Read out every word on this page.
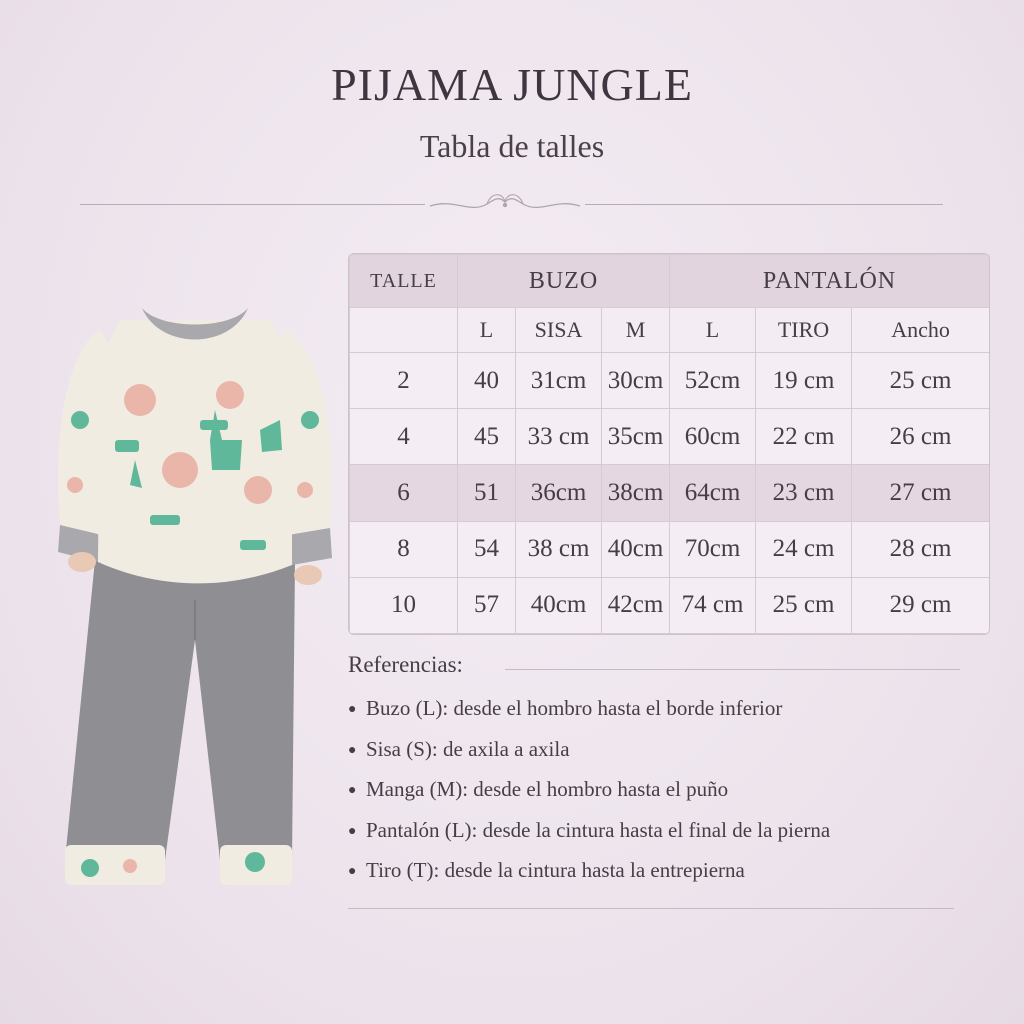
PIJAMA JUNGLE
Tabla de talles
TALLE	BUZO			PANTALÓN		
	L	SISA	M	L	TIRO	Ancho
2	40	31cm	30cm	52cm	19 cm	25 cm
4	45	33 cm	35cm	60cm	22 cm	26 cm
6	51	36cm	38cm	64cm	23 cm	27 cm
8	54	38 cm	40cm	70cm	24 cm	28 cm
10	57	40cm	42cm	74 cm	25 cm	29 cm
Referencias:
● Buzo (L): desde el hombro hasta el borde inferior
● Sisa (S): de axila a axila
● Manga (M): desde el hombro hasta el puño
● Pantalón (L): desde la cintura hasta el final de la pierna
● Tiro (T): desde la cintura hasta la entrepierna
